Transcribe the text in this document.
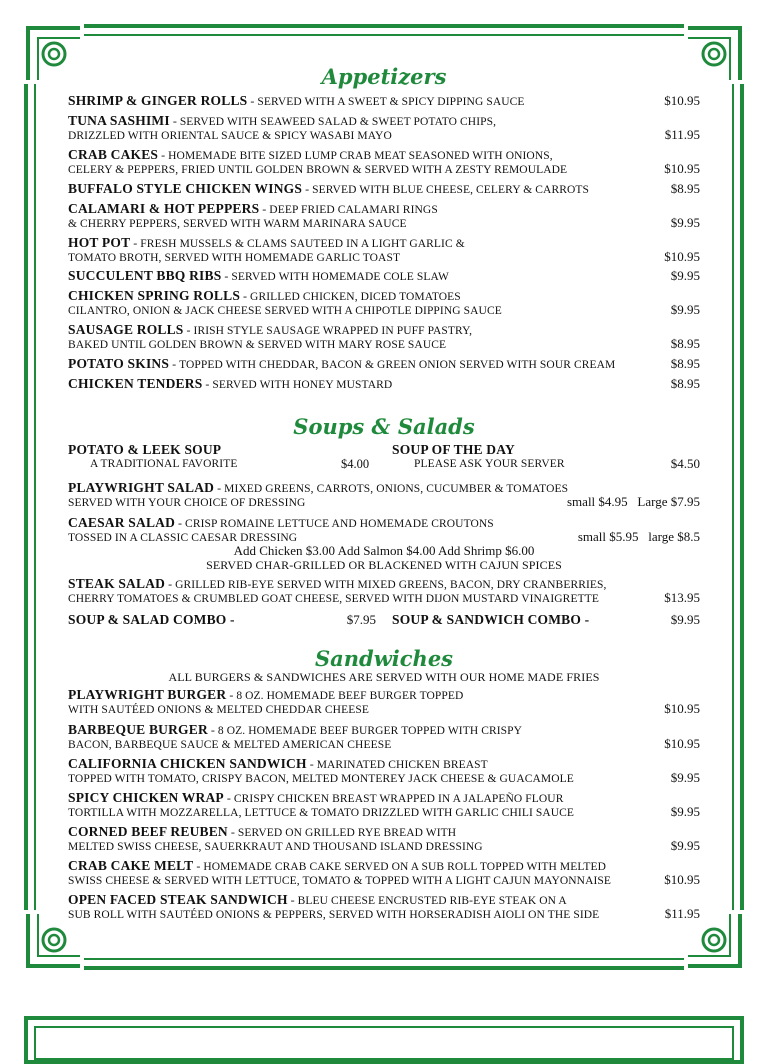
Appetizers
SHRIMP & GINGER ROLLS - SERVED WITH A SWEET & SPICY DIPPING SAUCE	$10.95
TUNA SASHIMI - SERVED WITH SEAWEED SALAD & SWEET POTATO CHIPS,
DRIZZLED WITH ORIENTAL SAUCE & SPICY WASABI MAYO	$11.95
CRAB CAKES - HOMEMADE BITE SIZED LUMP CRAB MEAT SEASONED WITH ONIONS,
CELERY & PEPPERS, FRIED UNTIL GOLDEN BROWN & SERVED WITH A ZESTY REMOULADE	$10.95
BUFFALO STYLE CHICKEN WINGS - SERVED WITH BLUE CHEESE, CELERY & CARROTS	$8.95
CALAMARI & HOT PEPPERS - DEEP FRIED CALAMARI RINGS
& CHERRY PEPPERS, SERVED WITH WARM MARINARA SAUCE	$9.95
HOT POT - FRESH MUSSELS & CLAMS SAUTEED IN A LIGHT GARLIC &
TOMATO BROTH, SERVED WITH HOMEMADE GARLIC TOAST	$10.95
SUCCULENT BBQ RIBS - SERVED WITH HOMEMADE COLE SLAW	$9.95
CHICKEN SPRING ROLLS - GRILLED CHICKEN, DICED TOMATOES
CILANTRO, ONION & JACK CHEESE SERVED WITH A CHIPOTLE DIPPING SAUCE	$9.95
SAUSAGE ROLLS - IRISH STYLE SAUSAGE WRAPPED IN PUFF PASTRY,
BAKED UNTIL GOLDEN BROWN & SERVED WITH MARY ROSE SAUCE	$8.95
POTATO SKINS - TOPPED WITH CHEDDAR, BACON & GREEN ONION SERVED WITH SOUR CREAM	$8.95
CHICKEN TENDERS - SERVED WITH HONEY MUSTARD	$8.95
Soups & Salads
POTATO & LEEK SOUP
A TRADITIONAL FAVORITE	$4.00
SOUP OF THE DAY
PLEASE ASK YOUR SERVER	$4.50
PLAYWRIGHT SALAD - MIXED GREENS, CARROTS, ONIONS, CUCUMBER & TOMATOES
SERVED WITH YOUR CHOICE OF DRESSING	small $4.95   Large $7.95
CAESAR SALAD - CRISP ROMAINE LETTUCE AND HOMEMADE CROUTONS
TOSSED IN A CLASSIC CAESAR DRESSING	small $5.95   large $8.5
Add Chicken $3.00 Add Salmon $4.00 Add Shrimp $6.00
SERVED CHAR-GRILLED OR BLACKENED WITH CAJUN SPICES
STEAK SALAD - GRILLED RIB-EYE SERVED WITH MIXED GREENS, BACON, DRY CRANBERRIES,
CHERRY TOMATOES & CRUMBLED GOAT CHEESE, SERVED WITH DIJON MUSTARD VINAIGRETTE	$13.95
SOUP & SALAD COMBO -	$7.95 SOUP & SANDWICH COMBO -	$9.95
Sandwiches
ALL BURGERS & SANDWICHES ARE SERVED WITH OUR HOME MADE FRIES
PLAYWRIGHT BURGER - 8 OZ. HOMEMADE BEEF BURGER TOPPED
WITH SAUTÉED ONIONS & MELTED CHEDDAR CHEESE	$10.95
BARBEQUE BURGER - 8 OZ. HOMEMADE BEEF BURGER TOPPED WITH CRISPY
BACON, BARBEQUE SAUCE & MELTED AMERICAN CHEESE	$10.95
CALIFORNIA CHICKEN SANDWICH - MARINATED CHICKEN BREAST
TOPPED WITH TOMATO, CRISPY BACON, MELTED MONTEREY JACK CHEESE & GUACAMOLE	$9.95
SPICY CHICKEN WRAP - CRISPY CHICKEN BREAST WRAPPED IN A JALAPEÑO FLOUR
TORTILLA WITH MOZZARELLA, LETTUCE & TOMATO DRIZZLED WITH GARLIC CHILI SAUCE	$9.95
CORNED BEEF REUBEN - SERVED ON GRILLED RYE BREAD WITH
MELTED SWISS CHEESE, SAUERKRAUT AND THOUSAND ISLAND DRESSING	$9.95
CRAB CAKE MELT - HOMEMADE CRAB CAKE SERVED ON A SUB ROLL TOPPED WITH MELTED
SWISS CHEESE & SERVED WITH LETTUCE, TOMATO & TOPPED WITH A LIGHT CAJUN MAYONNAISE	$10.95
OPEN FACED STEAK SANDWICH - BLEU CHEESE ENCRUSTED RIB-EYE STEAK ON A
SUB ROLL WITH SAUTÉED ONIONS & PEPPERS, SERVED WITH HORSERADISH AIOLI ON THE SIDE	$11.95
